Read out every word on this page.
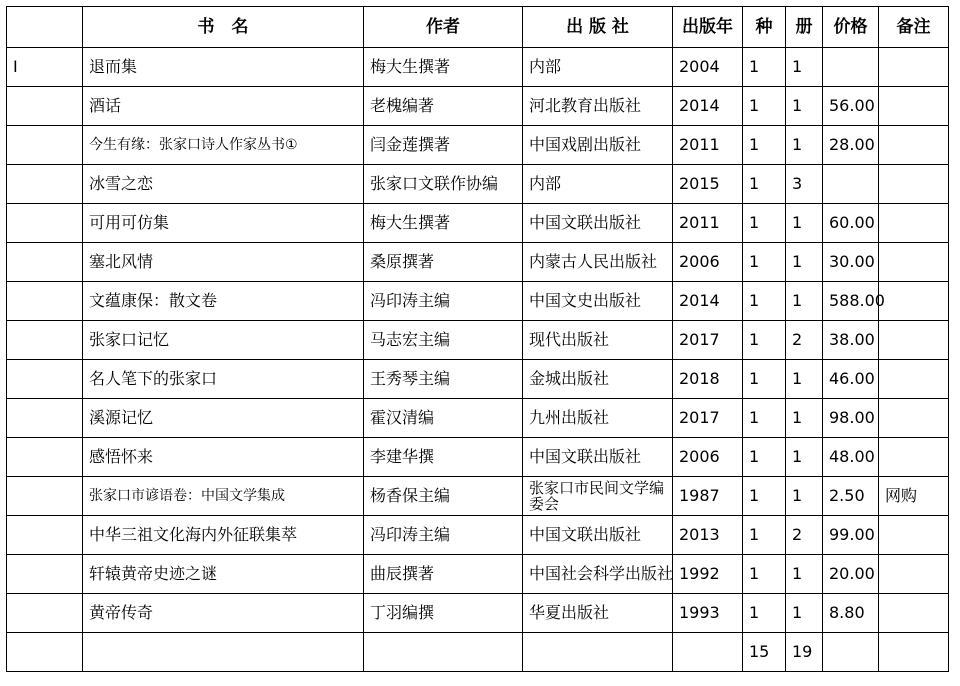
	书　名	作者	出 版 社	出版年	种	册	价格	备注
I	退而集	梅大生撰著	内部	2004	1	1		
	酒话	老槐编著	河北教育出版社	2014	1	1	56.00	
	今生有缘：张家口诗人作家丛书①	闫金莲撰著	中国戏剧出版社	2011	1	1	28.00	
	冰雪之恋	张家口文联作协编	内部	2015	1	3		
	可用可仿集	梅大生撰著	中国文联出版社	2011	1	1	60.00	
	塞北风情	桑原撰著	内蒙古人民出版社	2006	1	1	30.00	
	文蕴康保：散文卷	冯印涛主编	中国文史出版社	2014	1	1	588.00	
	张家口记忆	马志宏主编	现代出版社	2017	1	2	38.00	
	名人笔下的张家口	王秀琴主编	金城出版社	2018	1	1	46.00	
	溪源记忆	霍汉清编	九州出版社	2017	1	1	98.00	
	感悟怀来	李建华撰	中国文联出版社	2006	1	1	48.00	
	张家口市谚语卷：中国文学集成	杨香保主编	张家口市民间文学编委会	1987	1	1	2.50	网购
	中华三祖文化海内外征联集萃	冯印涛主编	中国文联出版社	2013	1	2	99.00	
	轩辕黄帝史迹之谜	曲辰撰著	中国社会科学出版社	1992	1	1	20.00	
	黄帝传奇	丁羽编撰	华夏出版社	1993	1	1	8.80	
					15	19		
